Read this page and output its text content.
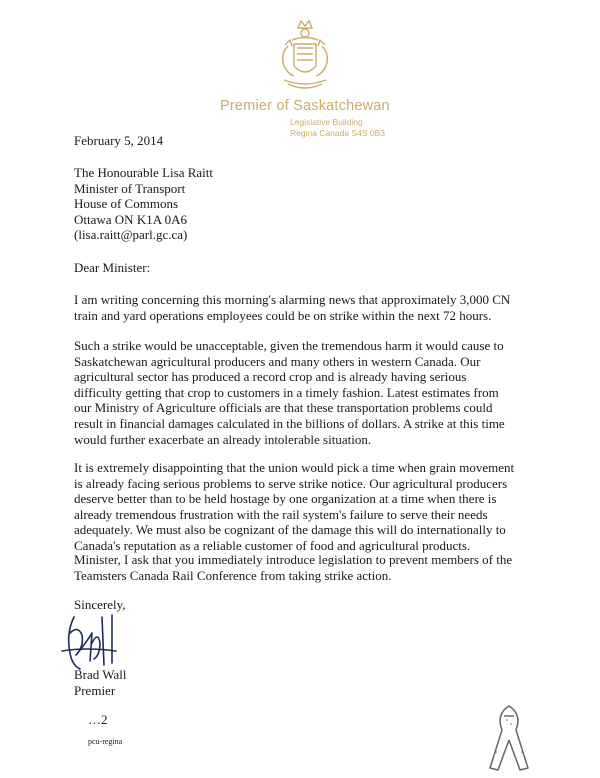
Premier of Saskatchewan
Legislative Building
Regina Canada S4S 0B3
February 5, 2014
The Honourable Lisa Raitt
Minister of Transport
House of Commons
Ottawa ON K1A 0A6
(lisa.raitt@parl.gc.ca)
Dear Minister:
I am writing concerning this morning's alarming news that approximately 3,000 CN
train and yard operations employees could be on strike within the next 72 hours.
Such a strike would be unacceptable, given the tremendous harm it would cause to
Saskatchewan agricultural producers and many others in western Canada. Our
agricultural sector has produced a record crop and is already having serious
difficulty getting that crop to customers in a timely fashion. Latest estimates from
our Ministry of Agriculture officials are that these transportation problems could
result in financial damages calculated in the billions of dollars. A strike at this time
would further exacerbate an already intolerable situation.
It is extremely disappointing that the union would pick a time when grain movement
is already facing serious problems to serve strike notice. Our agricultural producers
deserve better than to be held hostage by one organization at a time when there is
already tremendous frustration with the rail system's failure to serve their needs
adequately. We must also be cognizant of the damage this will do internationally to
Canada's reputation as a reliable customer of food and agricultural products.
Minister, I ask that you immediately introduce legislation to prevent members of the
Teamsters Canada Rail Conference from taking strike action.
Sincerely,
Brad Wall
Premier
…2
pcu-regina
